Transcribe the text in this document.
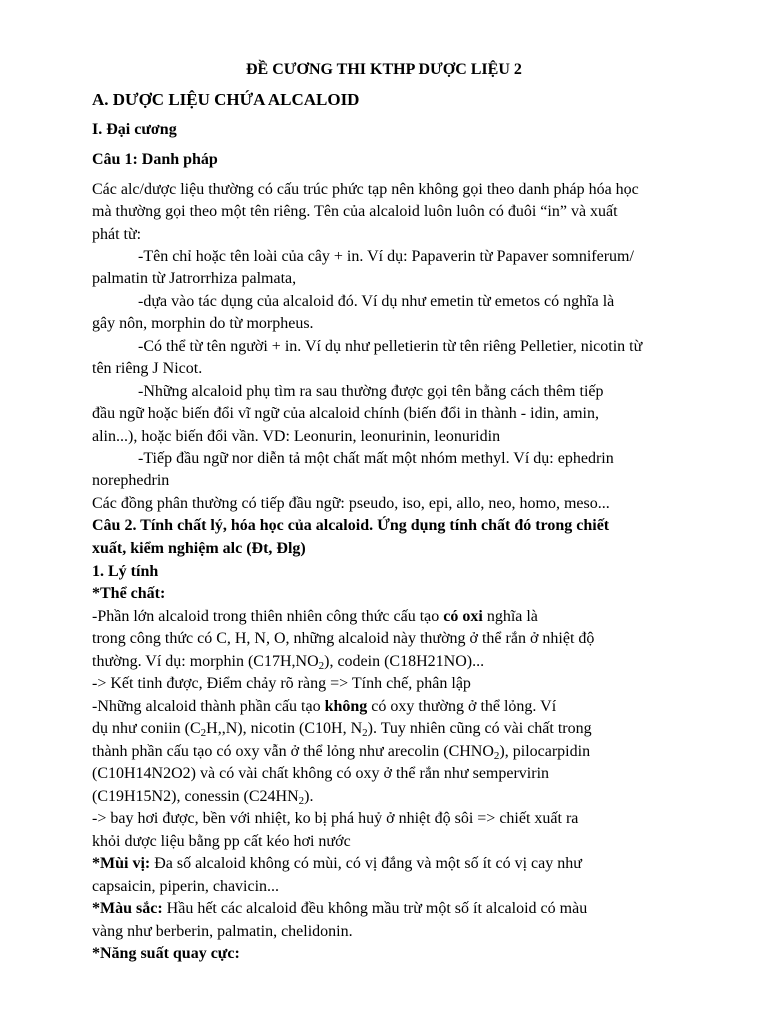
ĐỀ CƯƠNG THI KTHP DƯỢC LIỆU 2
A. DƯỢC LIỆU CHỨA ALCALOID
I. Đại cương
Câu 1: Danh pháp
Các alc/dược liệu thường có cấu trúc phức tạp nên không gọi theo danh pháp hóa học
mà thường gọi theo một tên riêng. Tên của alcaloid luôn luôn có đuôi “in” và xuất
phát từ:
-Tên chỉ hoặc tên loài của cây + in. Ví dụ: Papaverin từ Papaver somniferum/
palmatin từ Jatrorrhiza palmata,
-dựa vào tác dụng của alcaloid đó. Ví dụ như emetin từ emetos có nghĩa là
gây nôn, morphin do từ morpheus.
-Có thể từ tên người + in. Ví dụ như pelletierin từ tên riêng Pelletier, nicotin từ
tên riêng J Nicot.
-Những alcaloid phụ tìm ra sau thường được gọi tên bằng cách thêm tiếp
đầu ngữ hoặc biến đổi vĩ ngữ của alcaloid chính (biến đổi in thành - idin, amin,
alin...), hoặc biến đổi vần. VD: Leonurin, leonurinin, leonuridin
-Tiếp đầu ngữ nor diễn tả một chất mất một nhóm methyl. Ví dụ: ephedrin
norephedrin
Các đồng phân thường có tiếp đầu ngữ: pseudo, iso, epi, allo, neo, homo, meso...
Câu 2. Tính chất lý, hóa học của alcaloid. Ứng dụng tính chất đó trong chiết
xuất, kiểm nghiệm alc (Đt, Đlg)
1. Lý tính
*Thể chất:
-Phần lớn alcaloid trong thiên nhiên công thức cấu tạo có oxi nghĩa là
trong công thức có C, H, N, O, những alcaloid này thường ở thể rắn ở nhiệt độ
thường. Ví dụ: morphin $(C17H,NO_2)$, codein (C18H21NO)...
-> Kết tinh được, Điểm chảy rõ ràng => Tính chế, phân lập
-Những alcaloid thành phần cấu tạo không có oxy thường ở thể lỏng. Ví
dụ như coniin $(C_2H,,N)$, nicotin (C10H, $N_2$). Tuy nhiên cũng có vài chất trong
thành phần cấu tạo có oxy vẫn ở thể lỏng như arecolin $(CHNO_2)$, pilocarpidin
(C10H14N2O2) và có vài chất không có oxy ở thể rắn như sempervirin
(C19H15N2), conessin $(C24HN_2)$.
-> bay hơi được, bền với nhiệt, ko bị phá huỷ ở nhiệt độ sôi => chiết xuất ra
khỏi dược liệu bằng pp cất kéo hơi nước
*Mùi vị: Đa số alcaloid không có mùi, có vị đắng và một số ít có vị cay như
capsaicin, piperin, chavicin...
*Màu sắc: Hầu hết các alcaloid đều không mầu trừ một số ít alcaloid có màu
vàng như berberin, palmatin, chelidonin.
*Năng suất quay cực:
